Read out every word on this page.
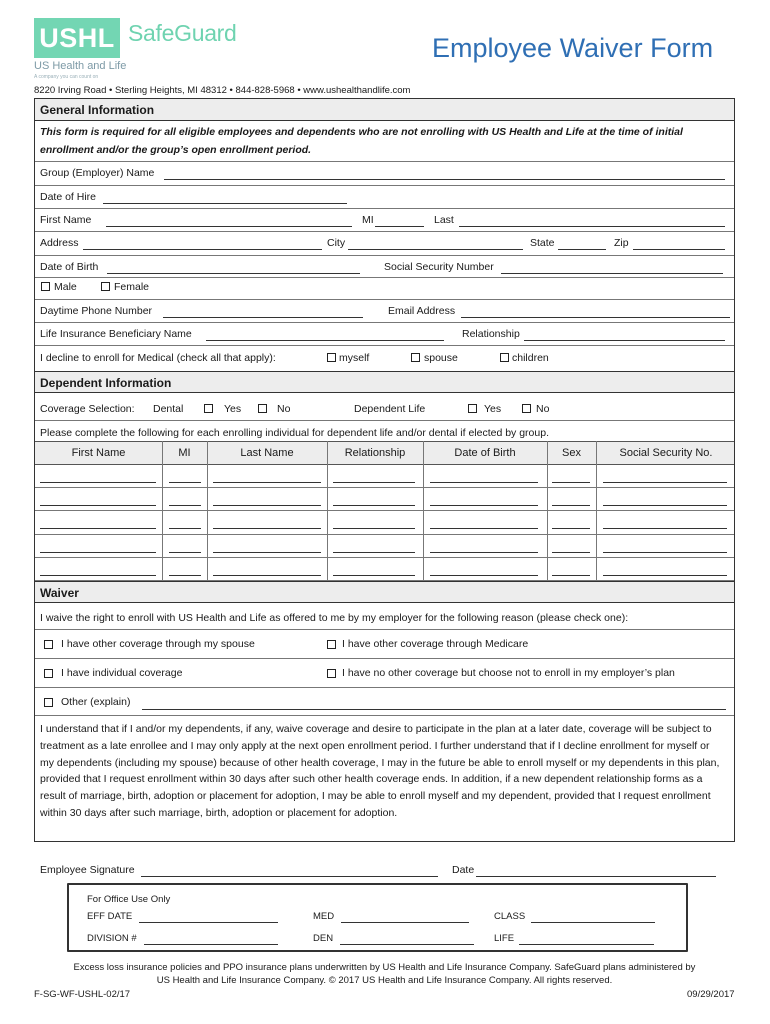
USHL SafeGuard
US Health and Life
A company you can count on
Employee Waiver Form
8220 Irving Road • Sterling Heights, MI 48312 • 844-828-5968 • www.ushealthandlife.com
General Information
This form is required for all eligible employees and dependents who are not enrolling with US Health and Life at the time of initial enrollment and/or the group’s open enrollment period.
Group (Employer) Name
Date of Hire
First Name	MI	Last
Address	City	State	Zip
Date of Birth	Social Security Number
Male	Female
Daytime Phone Number	Email Address
Life Insurance Beneficiary Name	Relationship
I decline to enroll for Medical (check all that apply):	myself	spouse	children
Dependent Information
Coverage Selection: Dental	Yes	No	Dependent Life	Yes	No
Please complete the following for each enrolling individual for dependent life and/or dental if elected by group.
First Name	MI	Last Name	Relationship	Date of Birth	Sex	Social Security No.
Waiver
I waive the right to enroll with US Health and Life as offered to me by my employer for the following reason (please check one):
I have other coverage through my spouse	I have other coverage through Medicare
I have individual coverage	I have no other coverage but choose not to enroll in my employer’s plan
Other (explain)
I understand that if I and/or my dependents, if any, waive coverage and desire to participate in the plan at a later date, coverage will be subject to treatment as a late enrollee and I may only apply at the next open enrollment period. I further understand that if I decline enrollment for myself or my dependents (including my spouse) because of other health coverage, I may in the future be able to enroll myself or my dependents in this plan, provided that I request enrollment within 30 days after such other health coverage ends. In addition, if a new dependent relationship forms as a result of marriage, birth, adoption or placement for adoption, I may be able to enroll myself and my dependent, provided that I request enrollment within 30 days after such marriage, birth, adoption or placement for adoption.
Employee Signature	Date
For Office Use Only
EFF DATE	MED	CLASS
DIVISION #	DEN	LIFE
Excess loss insurance policies and PPO insurance plans underwritten by US Health and Life Insurance Company. SafeGuard plans administered by
US Health and Life Insurance Company. © 2017 US Health and Life Insurance Company. All rights reserved.
F-SG-WF-USHL-02/17	09/29/2017
